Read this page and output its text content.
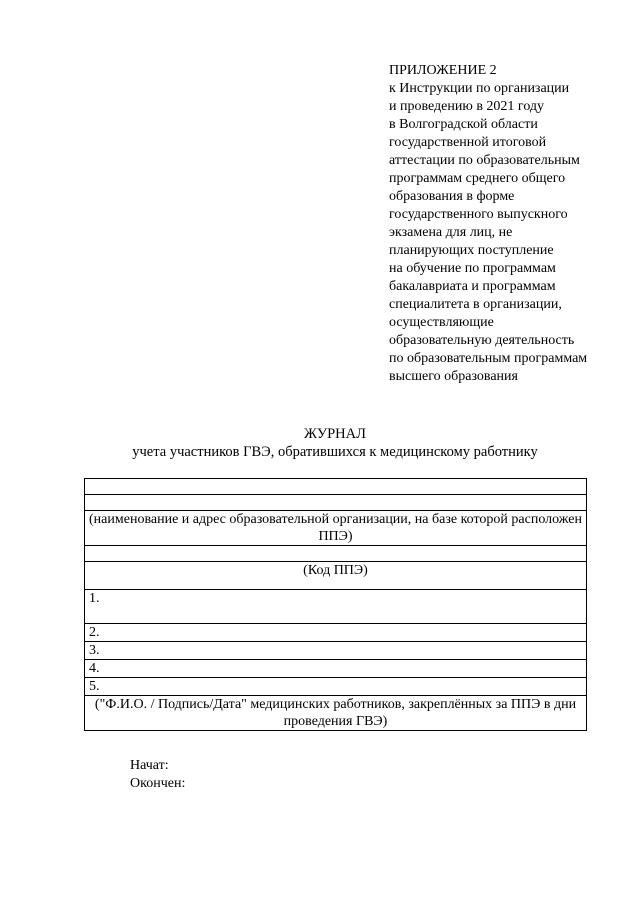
ПРИЛОЖЕНИЕ 2
к Инструкции по организации
и проведению в 2021 году
в Волгоградской области
государственной итоговой
аттестации по образовательным
программам среднего общего
образования в форме
государственного выпускного
экзамена для лиц, не
планирующих поступление
на обучение по программам
бакалавриата и программам
специалитета в организации,
осуществляющие
образовательную деятельность
по образовательным программам
высшего образования
ЖУРНАЛ
учета участников ГВЭ, обратившихся к медицинскому работнику

(наименование и адрес образовательной организации, на базе которой расположен ППЭ)

(Код ППЭ)
1.
2.
3.
4.
5.
("Ф.И.О. / Подпись/Дата" медицинских работников, закреплённых за ППЭ в дни проведения ГВЭ)
Начат:
Окончен:
